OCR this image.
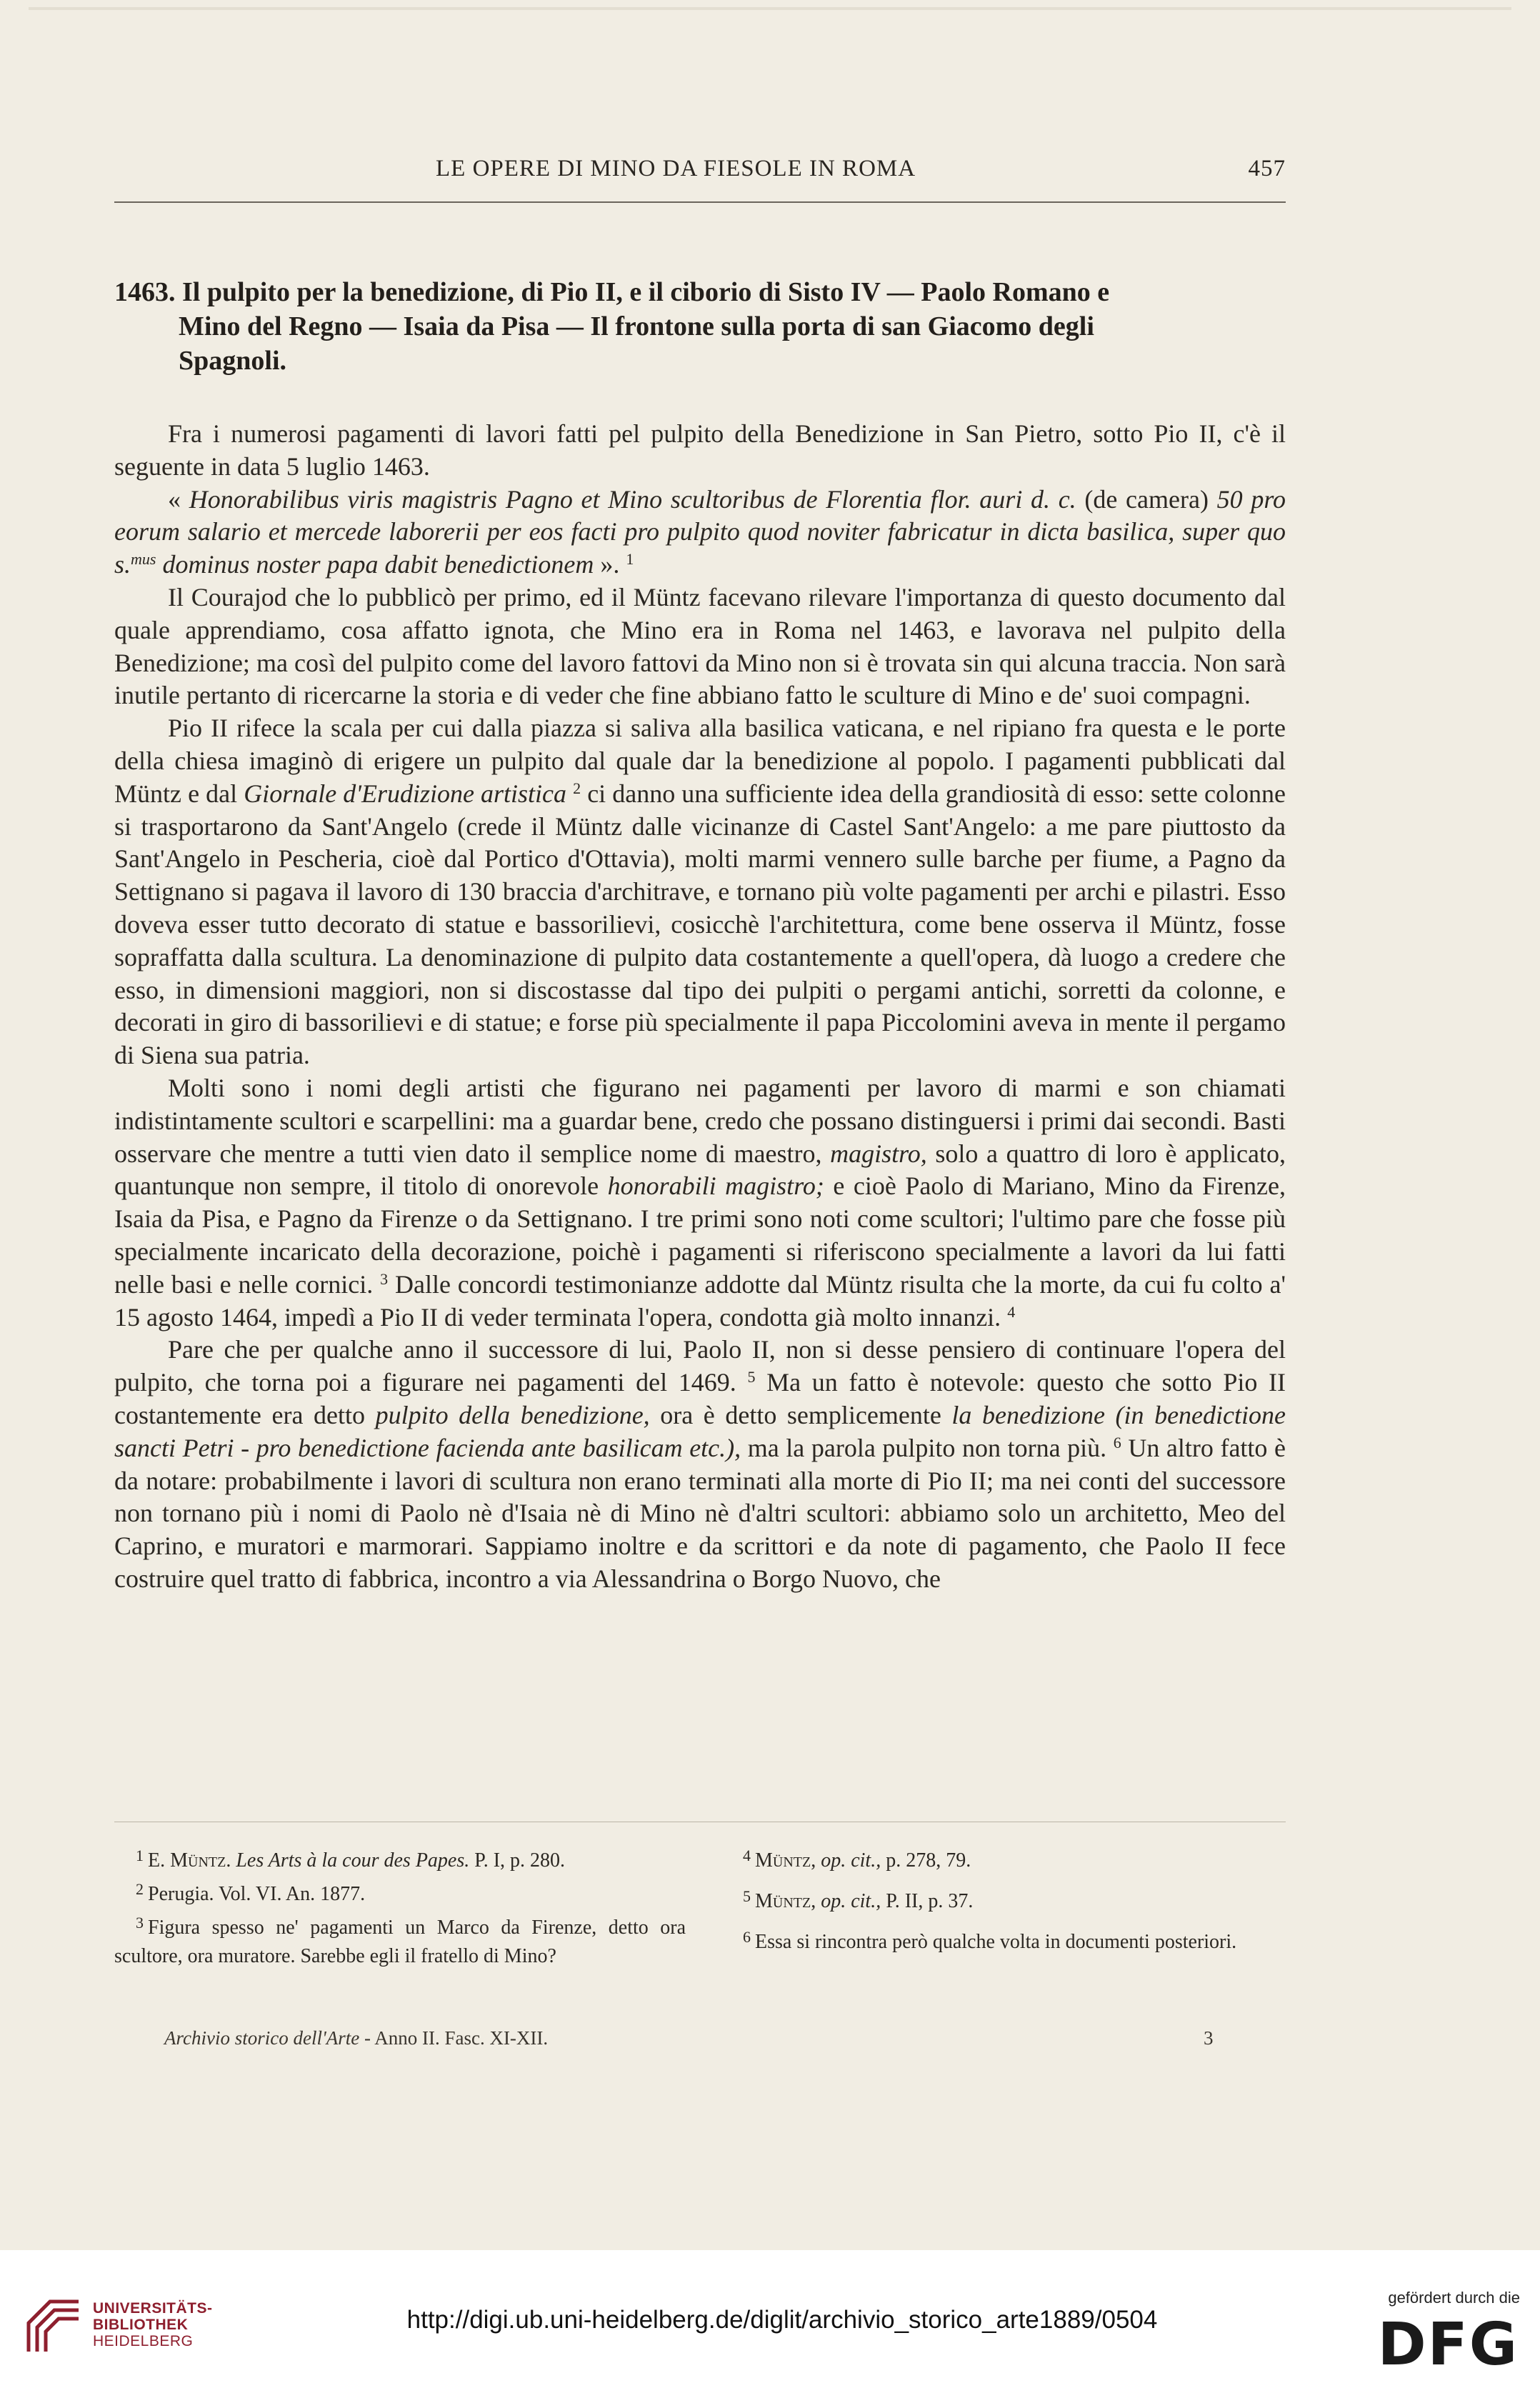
LE OPERE DI MINO DA FIESOLE IN ROMA	457
1463. Il pulpito per la benedizione, di Pio II, e il ciborio di Sisto IV — Paolo Romano e
Mino del Regno — Isaia da Pisa — Il frontone sulla porta di san Giacomo degli
Spagnoli.

Fra i numerosi pagamenti di lavori fatti pel pulpito della Benedizione in San Pietro, sotto Pio II, c'è il seguente in data 5 luglio 1463.

« Honorabilibus viris magistris Pagno et Mino scultoribus de Florentia flor. auri d. c. (de camera) 50 pro eorum salario et mercede laborerii per eos facti pro pulpito quod noviter fabricatur in dicta basilica, super quo s.$^{mus}$ dominus noster papa dabit benedictionem ». $^1$

Il Courajod che lo pubblicò per primo, ed il Müntz facevano rilevare l'importanza di questo documento dal quale apprendiamo, cosa affatto ignota, che Mino era in Roma nel 1463, e lavorava nel pulpito della Benedizione; ma così del pulpito come del lavoro fattovi da Mino non si è trovata sin qui alcuna traccia. Non sarà inutile pertanto di ricercarne la storia e di veder che fine abbiano fatto le sculture di Mino e de' suoi compagni.

Pio II rifece la scala per cui dalla piazza si saliva alla basilica vaticana, e nel ripiano fra questa e le porte della chiesa imaginò di erigere un pulpito dal quale dar la benedizione al popolo. I pagamenti pubblicati dal Müntz e dal Giornale d'Erudizione artistica $^2$ ci danno una sufficiente idea della grandiosità di esso: sette colonne si trasportarono da Sant'Angelo (crede il Müntz dalle vicinanze di Castel Sant'Angelo: a me pare piuttosto da Sant'Angelo in Pescheria, cioè dal Portico d'Ottavia), molti marmi vennero sulle barche per fiume, a Pagno da Settignano si pagava il lavoro di 130 braccia d'architrave, e tornano più volte pagamenti per archi e pilastri. Esso doveva esser tutto decorato di statue e bassorilievi, cosicchè l'architettura, come bene osserva il Müntz, fosse sopraffatta dalla scultura. La denominazione di pulpito data costantemente a quell'opera, dà luogo a credere che esso, in dimensioni maggiori, non si discostasse dal tipo dei pulpiti o pergami antichi, sorretti da colonne, e decorati in giro di bassorilievi e di statue; e forse più specialmente il papa Piccolomini aveva in mente il pergamo di Siena sua patria.

Molti sono i nomi degli artisti che figurano nei pagamenti per lavoro di marmi e son chiamati indistintamente scultori e scarpellini: ma a guardar bene, credo che possano distinguersi i primi dai secondi. Basti osservare che mentre a tutti vien dato il semplice nome di maestro, magistro, solo a quattro di loro è applicato, quantunque non sempre, il titolo di onorevole honorabili magistro; e cioè Paolo di Mariano, Mino da Firenze, Isaia da Pisa, e Pagno da Firenze o da Settignano. I tre primi sono noti come scultori; l'ultimo pare che fosse più specialmente incaricato della decorazione, poichè i pagamenti si riferiscono specialmente a lavori da lui fatti nelle basi e nelle cornici. $^3$ Dalle concordi testimonianze addotte dal Müntz risulta che la morte, da cui fu colto a' 15 agosto 1464, impedì a Pio II di veder terminata l'opera, condotta già molto innanzi. $^4$

Pare che per qualche anno il successore di lui, Paolo II, non si desse pensiero di continuare l'opera del pulpito, che torna poi a figurare nei pagamenti del 1469. $^5$ Ma un fatto è notevole: questo che sotto Pio II costantemente era detto pulpito della benedizione, ora è detto semplicemente la benedizione (in benedictione sancti Petri - pro benedictione facienda ante basilicam etc.), ma la parola pulpito non torna più. $^6$ Un altro fatto è da notare: probabilmente i lavori di scultura non erano terminati alla morte di Pio II; ma nei conti del successore non tornano più i nomi di Paolo nè d'Isaia nè di Mino nè d'altri scultori: abbiamo solo un architetto, Meo del Caprino, e muratori e marmorari. Sappiamo inoltre e da scrittori e da note di pagamento, che Paolo II fece costruire quel tratto di fabbrica, incontro a via Alessandrina o Borgo Nuovo, che

$^1$ E. Müntz. Les Arts à la cour des Papes. P. I, p. 280.

$^2$ Perugia. Vol. VI. An. 1877.

$^3$ Figura spesso ne' pagamenti un Marco da Firenze, detto ora scultore, ora muratore. Sarebbe egli il fratello di Mino?

$^4$ Müntz, op. cit., p. 278, 79.

$^5$ Müntz, op. cit., P. II, p. 37.

$^6$ Essa si rincontra però qualche volta in documenti posteriori.

Archivio storico dell'Arte - Anno II. Fasc. XI-XII.	3
UNIVERSITÄTS-
BIBLIOTHEK
HEIDELBERG
http://digi.ub.uni-heidelberg.de/diglit/archivio_storico_arte1889/0504
gefördert durch die
DFG
